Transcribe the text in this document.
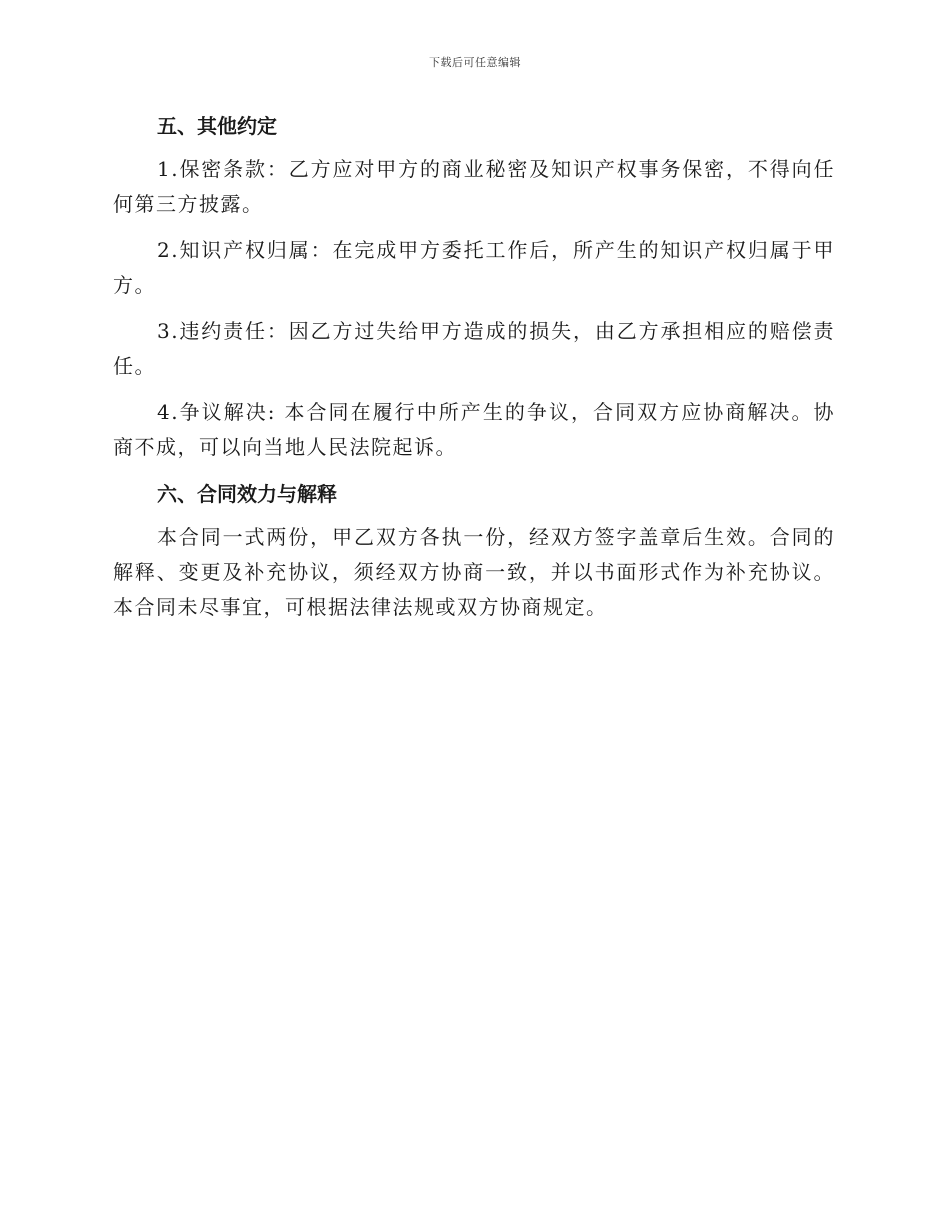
下载后可任意编辑
五、其他约定

1.保密条款：乙方应对甲方的商业秘密及知识产权事务保密，不得向任何第三方披露。

2.知识产权归属：在完成甲方委托工作后，所产生的知识产权归属于甲方。

3.违约责任：因乙方过失给甲方造成的损失，由乙方承担相应的赔偿责任。

4.争议解决: 本合同在履行中所产生的争议，合同双方应协商解决。协商不成，可以向当地人民法院起诉。

六、合同效力与解释

本合同一式两份，甲乙双方各执一份，经双方签字盖章后生效。合同的解释、变更及补充协议，须经双方协商一致，并以书面形式作为补充协议。本合同未尽事宜，可根据法律法规或双方协商规定。
